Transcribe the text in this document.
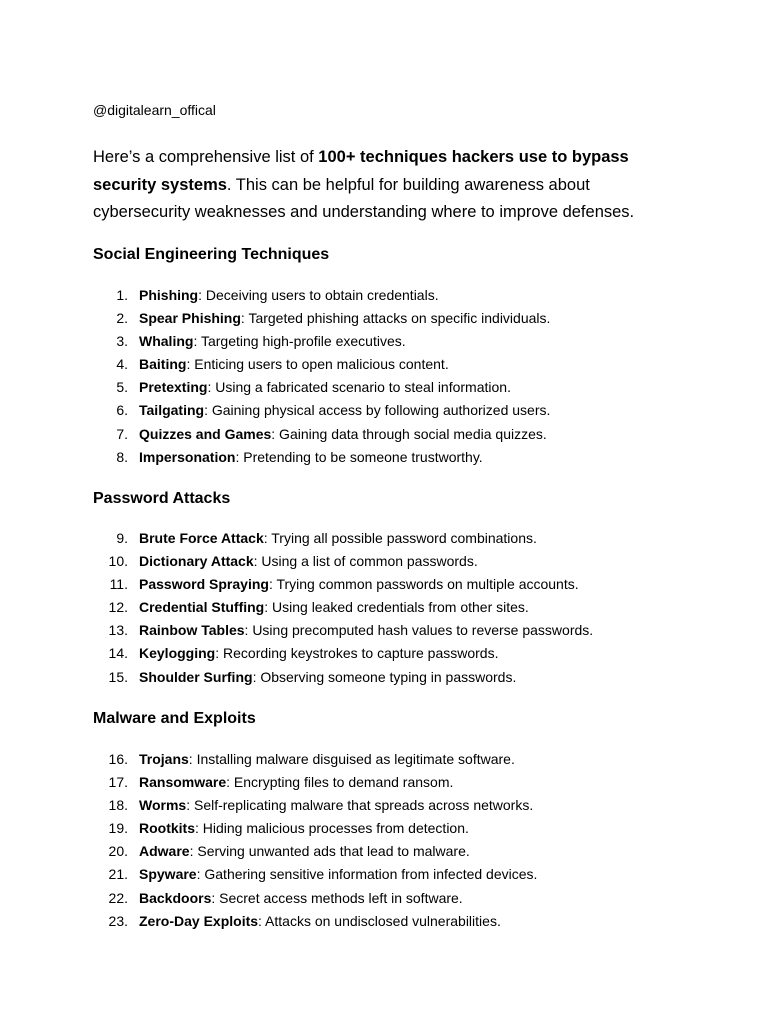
@digitalearn_offical

Here’s a comprehensive list of 100+ techniques hackers use to bypass security systems. This can be helpful for building awareness about cybersecurity weaknesses and understanding where to improve defenses.

Social Engineering Techniques
1. Phishing: Deceiving users to obtain credentials.
2. Spear Phishing: Targeted phishing attacks on specific individuals.
3. Whaling: Targeting high-profile executives.
4. Baiting: Enticing users to open malicious content.
5. Pretexting: Using a fabricated scenario to steal information.
6. Tailgating: Gaining physical access by following authorized users.
7. Quizzes and Games: Gaining data through social media quizzes.
8. Impersonation: Pretending to be someone trustworthy.
Password Attacks
9. Brute Force Attack: Trying all possible password combinations.
10. Dictionary Attack: Using a list of common passwords.
11. Password Spraying: Trying common passwords on multiple accounts.
12. Credential Stuffing: Using leaked credentials from other sites.
13. Rainbow Tables: Using precomputed hash values to reverse passwords.
14. Keylogging: Recording keystrokes to capture passwords.
15. Shoulder Surfing: Observing someone typing in passwords.
Malware and Exploits
16. Trojans: Installing malware disguised as legitimate software.
17. Ransomware: Encrypting files to demand ransom.
18. Worms: Self-replicating malware that spreads across networks.
19. Rootkits: Hiding malicious processes from detection.
20. Adware: Serving unwanted ads that lead to malware.
21. Spyware: Gathering sensitive information from infected devices.
22. Backdoors: Secret access methods left in software.
23. Zero-Day Exploits: Attacks on undisclosed vulnerabilities.
